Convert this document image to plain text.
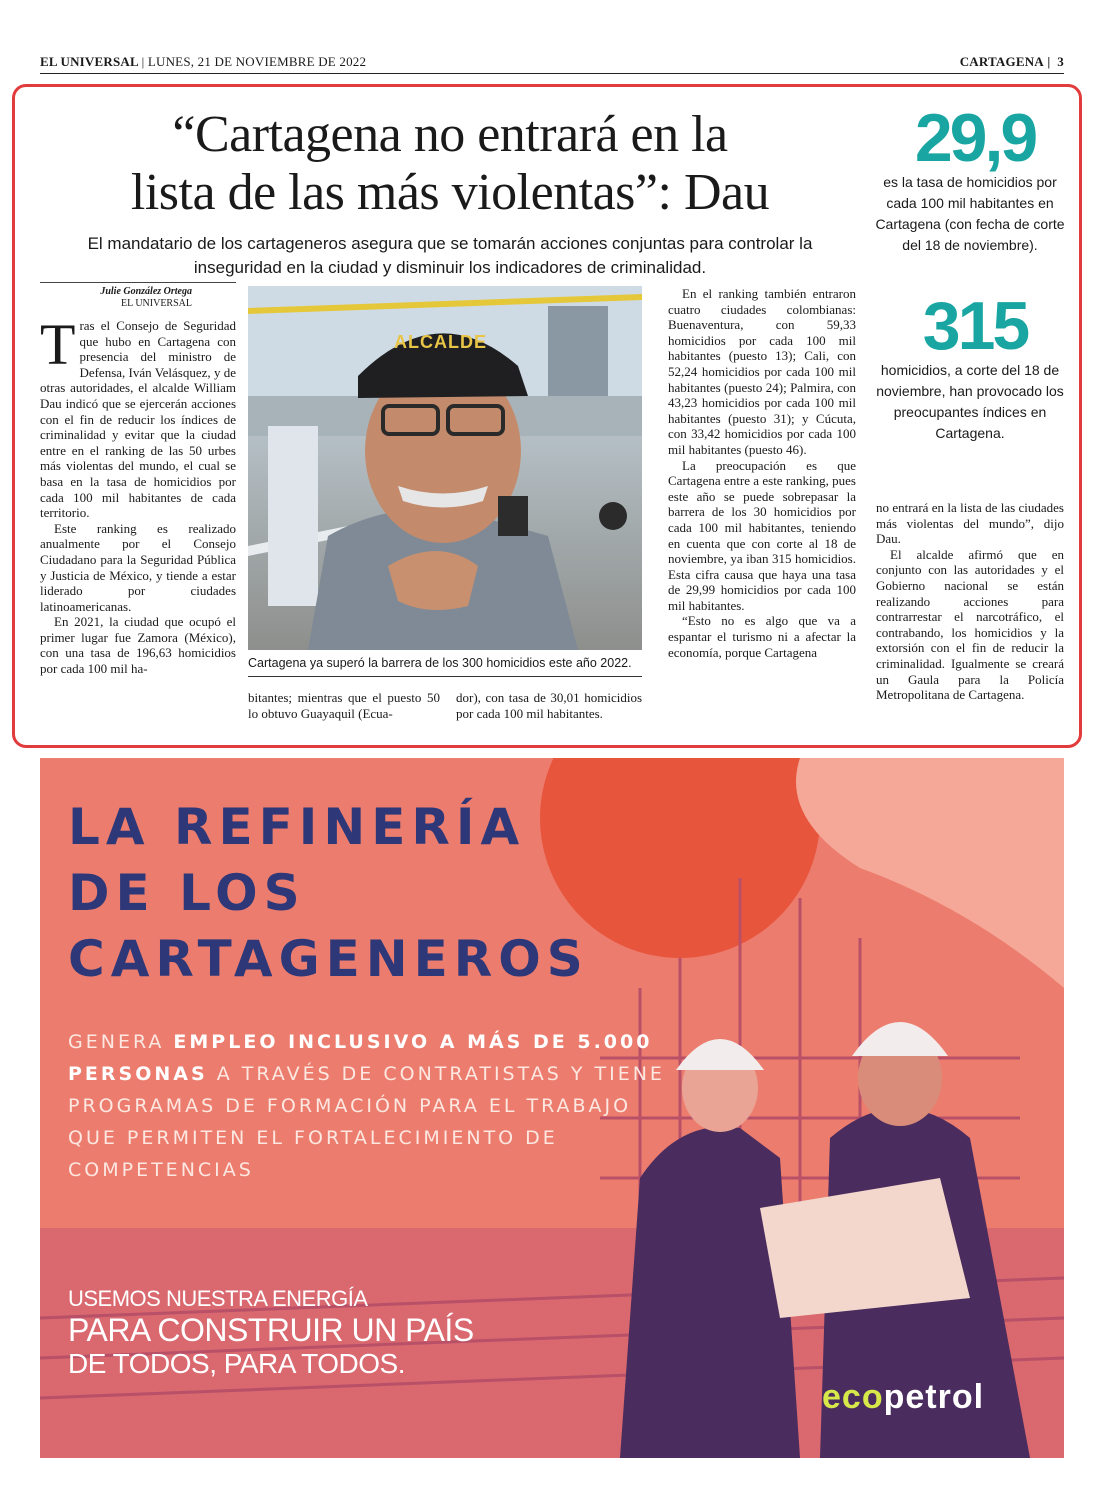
EL UNIVERSAL | LUNES, 21 DE NOVIEMBRE DE 2022	CARTAGENA |  3
“Cartagena no entrará en la
lista de las más violentas”: Dau
El mandatario de los cartageneros asegura que se tomarán acciones conjuntas para controlar la inseguridad en la ciudad y disminuir los indicadores de criminalidad.
29,9
es la tasa de homicidios por cada 100 mil habitantes en Cartagena (con fecha de corte del 18 de noviembre).
315
homicidios, a corte del 18 de noviembre, han provocado los preocupantes índices en Cartagena.
Julie González Ortega
EL UNIVERSAL

Tras el Consejo de Seguridad que hubo en Cartagena con presencia del ministro de Defensa, Iván Velásquez, y de otras autoridades, el alcalde William Dau indicó que se ejercerán acciones con el fin de reducir los índices de criminalidad y evitar que la ciudad entre en el ranking de las 50 urbes más violentas del mundo, el cual se basa en la tasa de homicidios por cada 100 mil habitantes de cada territorio.

Este ranking es realizado anualmente por el Consejo Ciudadano para la Seguridad Pública y Justicia de México, y tiende a estar liderado por ciudades latinoamericanas.

En 2021, la ciudad que ocupó el primer lugar fue Zamora (México), con una tasa de 196,63 homicidios por cada 100 mil ha-

ALCALDE
Cartagena ya superó la barrera de los 300 homicidios este año 2022.

bitantes; mientras que el puesto 50 lo obtuvo Guayaquil (Ecua-

dor), con tasa de 30,01 homicidios por cada 100 mil habitantes.

En el ranking también entraron cuatro ciudades colombianas: Buenaventura, con 59,33 homicidios por cada 100 mil habitantes (puesto 13); Cali, con 52,24 homicidios por cada 100 mil habitantes (puesto 24); Palmira, con 43,23 homicidios por cada 100 mil habitantes (puesto 31); y Cúcuta, con 33,42 homicidios por cada 100 mil habitantes (puesto 46).

La preocupación es que Cartagena entre a este ranking, pues este año se puede sobrepasar la barrera de los 30 homicidios por cada 100 mil habitantes, teniendo en cuenta que con corte al 18 de noviembre, ya iban 315 homicidios. Esta cifra causa que haya una tasa de 29,99 homicidios por cada 100 mil habitantes.

“Esto no es algo que va a espantar el turismo ni a afectar la economía, porque Cartagena

no entrará en la lista de las ciudades más violentas del mundo”, dijo Dau.

El alcalde afirmó que en conjunto con las autoridades y el Gobierno nacional se están realizando acciones para contrarrestar el narcotráfico, el contrabando, los homicidios y la extorsión con el fin de reducir la criminalidad. Igualmente se creará un Gaula para la Policía Metropolitana de Cartagena.

LA REFINERÍA
DE LOS
CARTAGENEROS
GENERA EMPLEO INCLUSIVO A MÁS DE 5.000 PERSONAS A TRAVÉS DE CONTRATISTAS Y TIENE PROGRAMAS DE FORMACIÓN PARA EL TRABAJO QUE PERMITEN EL FORTALECIMIENTO DE COMPETENCIAS
USEMOS NUESTRA ENERGÍA
PARA CONSTRUIR UN PAÍS
DE TODOS, PARA TODOS.
ecopetrol
